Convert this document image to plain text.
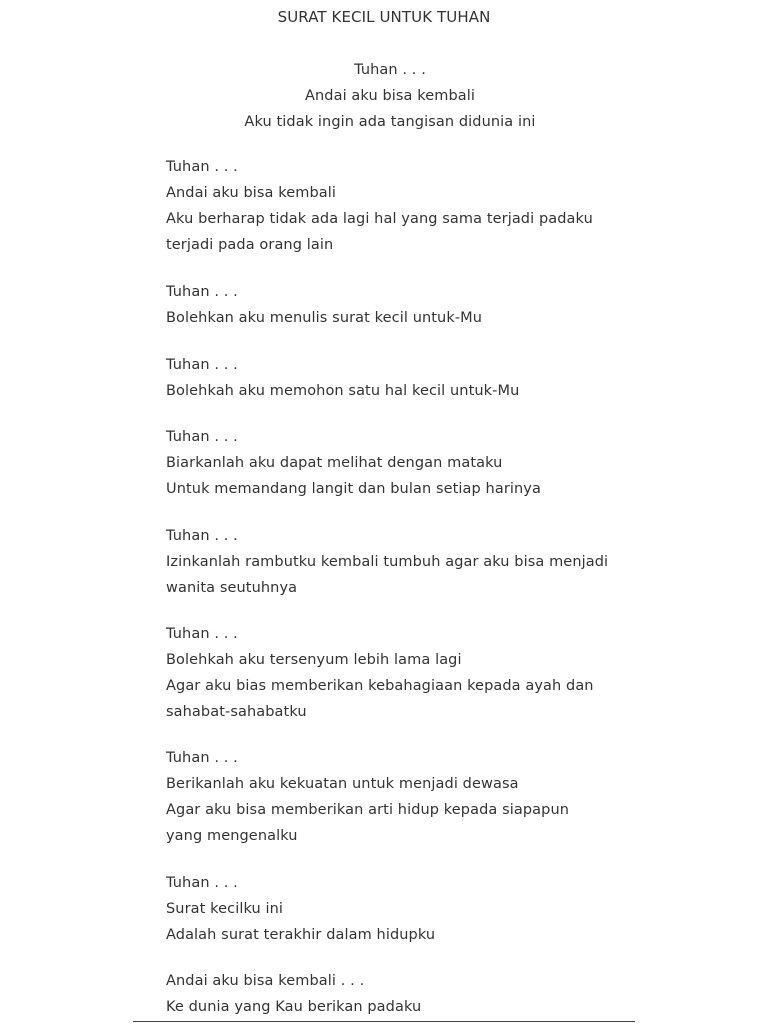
SURAT KECIL UNTUK TUHAN
Tuhan . . .
Andai aku bisa kembali
Aku tidak ingin ada tangisan didunia ini
Tuhan . . .
Andai aku bisa kembali
Aku berharap tidak ada lagi hal yang sama terjadi padaku
terjadi pada orang lain
Tuhan . . .
Bolehkan aku menulis surat kecil untuk-Mu
Tuhan . . .
Bolehkah aku memohon satu hal kecil untuk-Mu
Tuhan . . .
Biarkanlah aku dapat melihat dengan mataku
Untuk memandang langit dan bulan setiap harinya
Tuhan . . .
Izinkanlah rambutku kembali tumbuh agar aku bisa menjadi
wanita seutuhnya
Tuhan . . .
Bolehkah aku tersenyum lebih lama lagi
Agar aku bias memberikan kebahagiaan kepada ayah dan
sahabat-sahabatku
Tuhan . . .
Berikanlah aku kekuatan untuk menjadi dewasa
Agar aku bisa memberikan arti hidup kepada siapapun
yang mengenalku
Tuhan . . .
Surat kecilku ini
Adalah surat terakhir dalam hidupku
Andai aku bisa kembali . . .
Ke dunia yang Kau berikan padaku
